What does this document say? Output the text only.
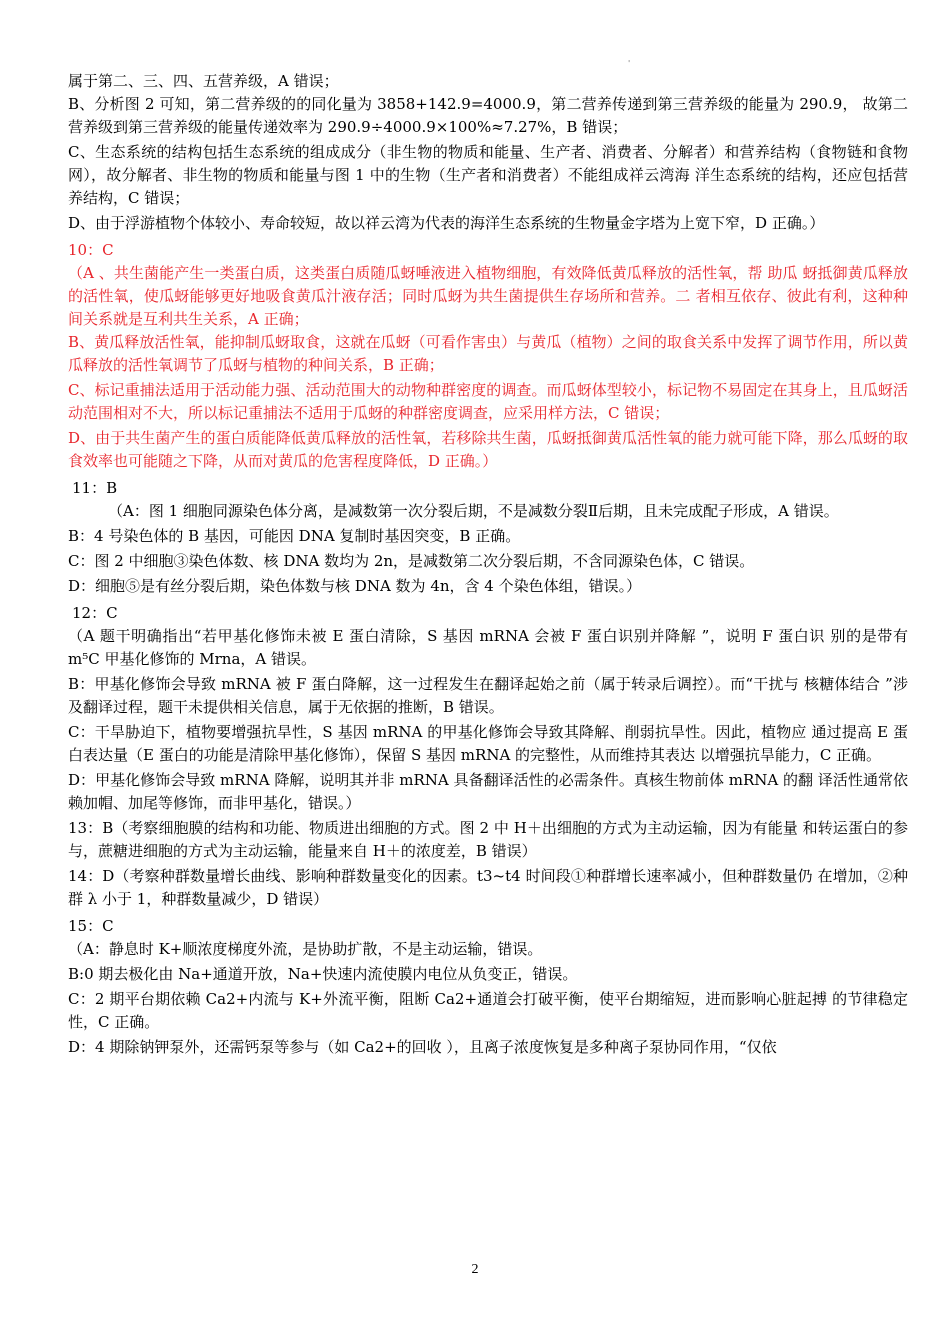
'

属于第二、三、四、五营养级，A 错误；

B、分析图 2 可知，第二营养级的的同化量为 3858+142.9=4000.9，第二营养传递到第三营养级的能量为 290.9， 故第二营养级到第三营养级的能量传递效率为 290.9÷4000.9×100%≈7.27%，B 错误；

C、生态系统的结构包括生态系统的组成成分（非生物的物质和能量、生产者、消费者、分解者）和营养结构（食物链和食物网），故分解者、非生物的物质和能量与图 1 中的生物（生产者和消费者）不能组成祥云湾海 洋生态系统的结构，还应包括营养结构，C 错误；

D、由于浮游植物个体较小、寿命较短，故以祥云湾为代表的海洋生态系统的生物量金字塔为上宽下窄，D 正确。）

10：C

（A 、共生菌能产生一类蛋白质，这类蛋白质随瓜蚜唾液进入植物细胞，有效降低黄瓜释放的活性氧，帮 助瓜 蚜抵御黄瓜释放的活性氧，使瓜蚜能够更好地吸食黄瓜汁液存活；同时瓜蚜为共生菌提供生存场所和营养。二 者相互依存、彼此有利，这种种间关系就是互利共生关系，A 正确；

B、黄瓜释放活性氧，能抑制瓜蚜取食，这就在瓜蚜（可看作害虫）与黄瓜（植物）之间的取食关系中发挥了调节作用，所以黄瓜释放的活性氧调节了瓜蚜与植物的种间关系，B 正确；

C、标记重捕法适用于活动能力强、活动范围大的动物种群密度的调查。而瓜蚜体型较小，标记物不易固定在其身上，且瓜蚜活动范围相对不大，所以标记重捕法不适用于瓜蚜的种群密度调查，应采用样方法，C 错误；

D、由于共生菌产生的蛋白质能降低黄瓜释放的活性氧，若移除共生菌，瓜蚜抵御黄瓜活性氧的能力就可能下降，那么瓜蚜的取食效率也可能随之下降，从而对黄瓜的危害程度降低，D 正确。）

11：B

（A：图 1 细胞同源染色体分离，是减数第一次分裂后期，不是减数分裂Ⅱ后期，且未完成配子形成，A 错误。

B：4 号染色体的 B 基因，可能因 DNA 复制时基因突变，B 正确。

C：图 2 中细胞③染色体数、核 DNA 数均为 2n，是减数第二次分裂后期，不含同源染色体，C 错误。

D：细胞⑤是有丝分裂后期，染色体数与核 DNA 数为 4n，含 4 个染色体组，错误。）

12：C

（A 题干明确指出“若甲基化修饰未被 E 蛋白清除，S 基因 mRNA 会被 F 蛋白识别并降解 ”，说明 F 蛋白识 别的是带有 m⁵C 甲基化修饰的 Mrna，A 错误。

B：甲基化修饰会导致 mRNA 被 F 蛋白降解，这一过程发生在翻译起始之前（属于转录后调控）。而“干扰与 核糖体结合 ”涉及翻译过程，题干未提供相关信息，属于无依据的推断，B 错误。

C：干旱胁迫下，植物要增强抗旱性，S 基因 mRNA 的甲基化修饰会导致其降解、削弱抗旱性。因此，植物应 通过提高 E 蛋白表达量（E 蛋白的功能是清除甲基化修饰），保留 S 基因 mRNA 的完整性，从而维持其表达 以增强抗旱能力，C 正确。

D：甲基化修饰会导致 mRNA 降解，说明其并非 mRNA 具备翻译活性的必需条件。真核生物前体 mRNA 的翻 译活性通常依赖加帽、加尾等修饰，而非甲基化，错误。）

13：B（考察细胞膜的结构和功能、物质进出细胞的方式。图 2 中 H＋出细胞的方式为主动运输，因为有能量 和转运蛋白的参与，蔗糖进细胞的方式为主动运输，能量来自 H＋的浓度差，B 错误）

14：D（考察种群数量增长曲线、影响种群数量变化的因素。t3~t4 时间段①种群增长速率减小，但种群数量仍 在增加，②种群 λ 小于 1，种群数量减少，D 错误）

15：C

（A：静息时 K+顺浓度梯度外流，是协助扩散，不是主动运输，错误。

B:0 期去极化由 Na+通道开放，Na+快速内流使膜内电位从负变正，错误。

C：2 期平台期依赖 Ca2+内流与 K+外流平衡，阻断 Ca2+通道会打破平衡，使平台期缩短，进而影响心脏起搏 的节律稳定性，C 正确。

D：4 期除钠钾泵外，还需钙泵等参与（如 Ca2+的回收 ），且离子浓度恢复是多种离子泵协同作用，“仅依

2
